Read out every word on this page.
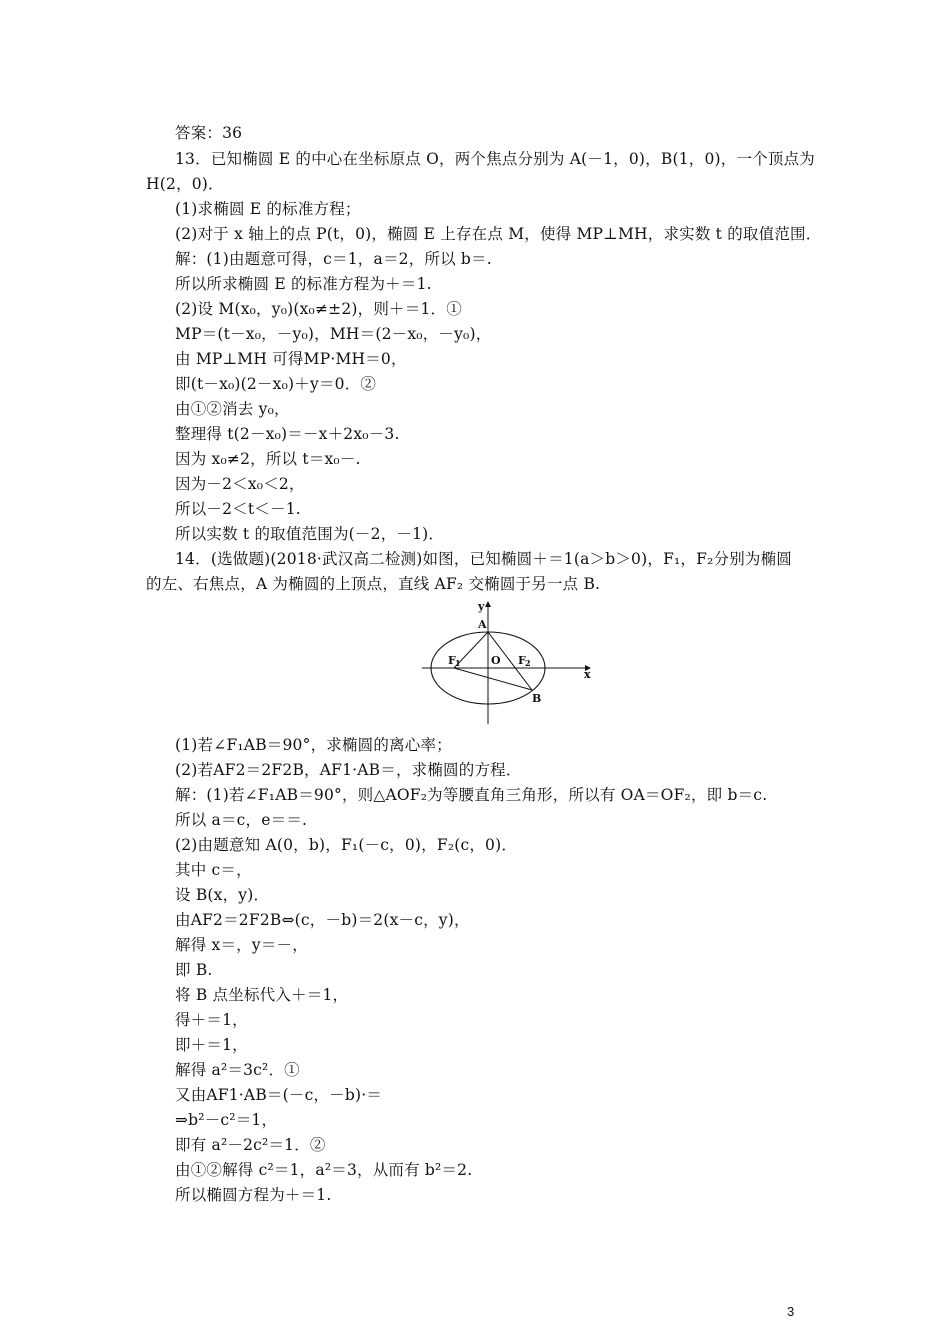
答案：36
13．已知椭圆 E 的中心在坐标原点 O，两个焦点分别为 A(－1，0)，B(1，0)，一个顶点为
H(2，0)．
(1)求椭圆 E 的标准方程；
(2)对于 x 轴上的点 P(t，0)，椭圆 E 上存在点 M，使得 MP⊥MH，求实数 t 的取值范围．
解：(1)由题意可得，c＝1，a＝2，所以 b＝.
所以所求椭圆 E 的标准方程为＋＝1.
(2)设 M(x₀，y₀)(x₀≠±2)，则＋＝1．①
MP＝(t－x₀，－y₀)，MH＝(2－x₀，－y₀)，
由 MP⊥MH 可得MP·MH＝0，
即(t－x₀)(2－x₀)＋y＝0．②
由①②消去 y₀，
整理得 t(2－x₀)＝－x＋2x₀－3.
因为 x₀≠2，所以 t＝x₀－.
因为－2＜x₀＜2，
所以－2＜t＜－1.
所以实数 t 的取值范围为(－2，－1)．
14．(选做题)(2018·武汉高二检测)如图，已知椭圆＋＝1(a＞b＞0)，F₁，F₂分别为椭圆
的左、右焦点，A 为椭圆的上顶点，直线 AF₂ 交椭圆于另一点 B.
y
x
A
O
F 1	F 2
B
(1)若∠F₁AB＝90°，求椭圆的离心率；
(2)若AF2＝2F2B，AF1·AB＝，求椭圆的方程．
解：(1)若∠F₁AB＝90°，则△AOF₂为等腰直角三角形，所以有 OA＝OF₂，即 b＝c.
所以 a＝c，e＝＝.
(2)由题意知 A(0，b)，F₁(－c，0)，F₂(c，0)．
其中 c＝，
设 B(x，y)．
由AF2＝2F2B⇔(c，－b)＝2(x－c，y)，
解得 x＝，y＝－，
即 B.
将 B 点坐标代入＋＝1，
得＋＝1，
即＋＝1，
解得 a²＝3c²．①
又由AF1·AB＝(－c，－b)·＝
⇒b²－c²＝1，
即有 a²－2c²＝1．②
由①②解得 c²＝1，a²＝3，从而有 b²＝2.
所以椭圆方程为＋＝1.
3
